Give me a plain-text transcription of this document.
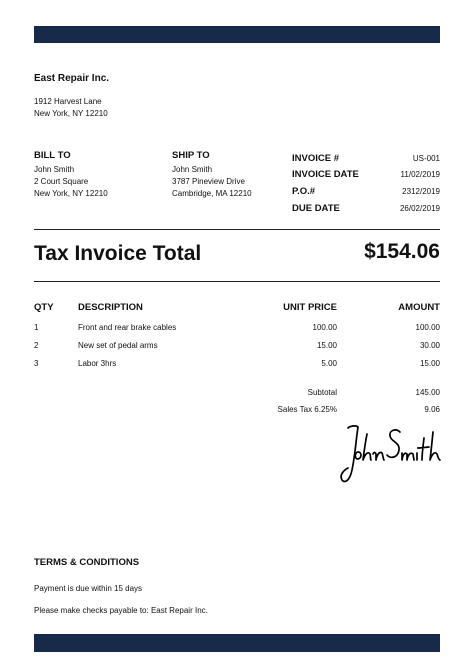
East Repair Inc.
1912 Harvest Lane
New York, NY 12210
BILL TO
John Smith
2 Court Square
New York, NY 12210
SHIP TO
John Smith
3787 Pineview Drive
Cambridge, MA 12210
INVOICE #	US-001
INVOICE DATE	11/02/2019
P.O.#	2312/2019
DUE DATE	26/02/2019
Tax Invoice Total	$154.06
QTY	DESCRIPTION	UNIT PRICE	AMOUNT
1	Front and rear brake cables	100.00	100.00
2	New set of pedal arms	15.00	30.00
3	Labor 3hrs	5.00	15.00
Subtotal	145.00
Sales Tax 6.25%	9.06
TERMS & CONDITIONS
Payment is due within 15 days
Please make checks payable to: East Repair Inc.
